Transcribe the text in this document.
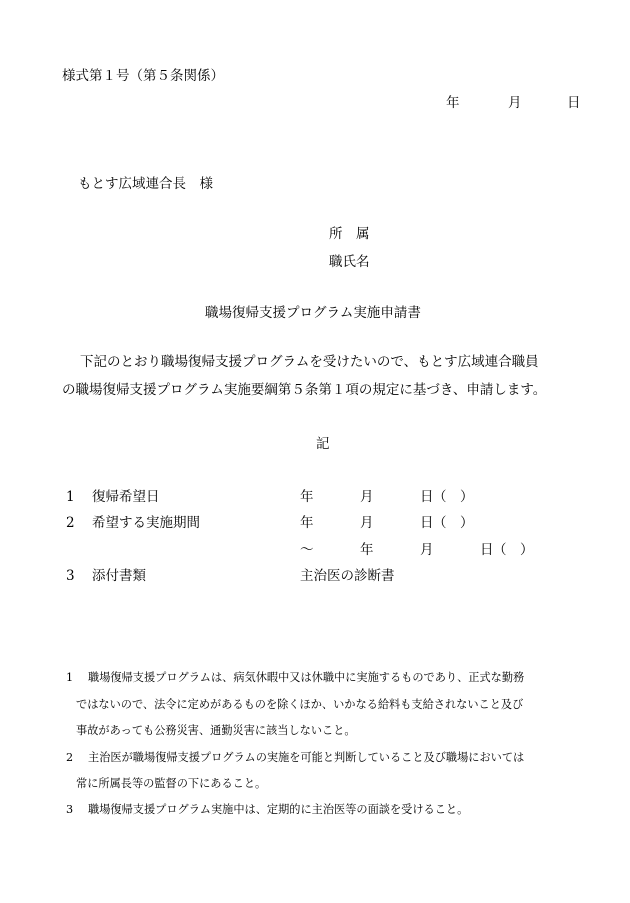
様式第１号（第５条関係）
年	月	日
もとす広域連合長　様
所　属
職氏名
職場復帰支援プログラム実施申請書
下記のとおり職場復帰支援プログラムを受けたいので、もとす広域連合職員
の職場復帰支援プログラム実施要綱第５条第１項の規定に基づき、申請します。
記
1 復帰希望日	年	月	日 （　）
2 希望する実施期間	年	月	日 （　）
～	年	月	日 （　）
3 添付書類	主治医の診断書
1 職場復帰支援プログラムは、病気休暇中又は休職中に実施するものであり、正式な勤務
ではないので、法令に定めがあるものを除くほか、いかなる給料も支給されないこと及び
事故があっても公務災害、通勤災害に該当しないこと。
2 主治医が職場復帰支援プログラムの実施を可能と判断していること及び職場においては
常に所属長等の監督の下にあること。
3 職場復帰支援プログラム実施中は、定期的に主治医等の面談を受けること。
